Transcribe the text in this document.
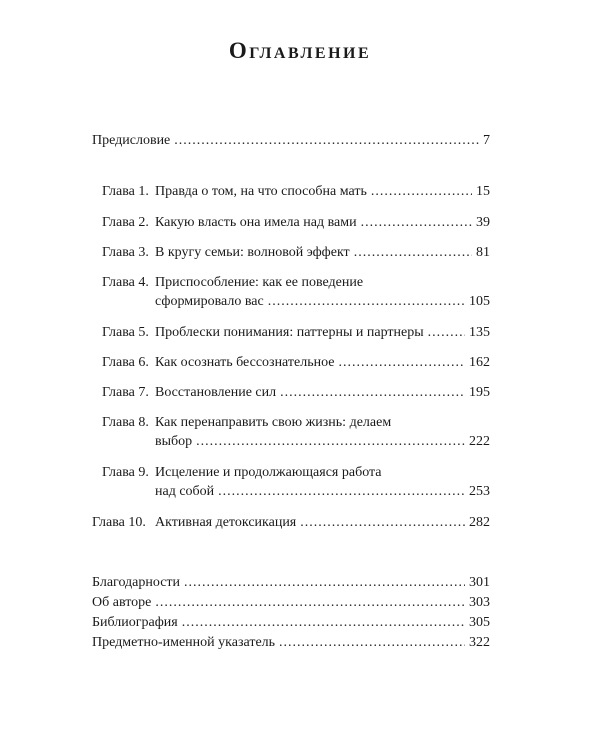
Оглавление
Предисловие .....	7
Глава 1. Правда о том, на что способна мать .....	15
Глава 2. Какую власть она имела над вами .....	39
Глава 3. В кругу семьи: волновой эффект .....	81
Глава 4. Приспособление: как ее поведение
сформировало вас .....	105
Глава 5. Проблески понимания: паттерны и партнеры .....	135
Глава 6. Как осознать бессознательное .....	162
Глава 7. Восстановление сил .....	195
Глава 8. Как перенаправить свою жизнь: делаем
выбор .....	222
Глава 9. Исцеление и продолжающаяся работа
над собой .....	253
Глава 10. Активная детоксикация .....	282
Благодарности .....	301
Об авторе .....	303
Библиография .....	305
Предметно-именной указатель .....	322
